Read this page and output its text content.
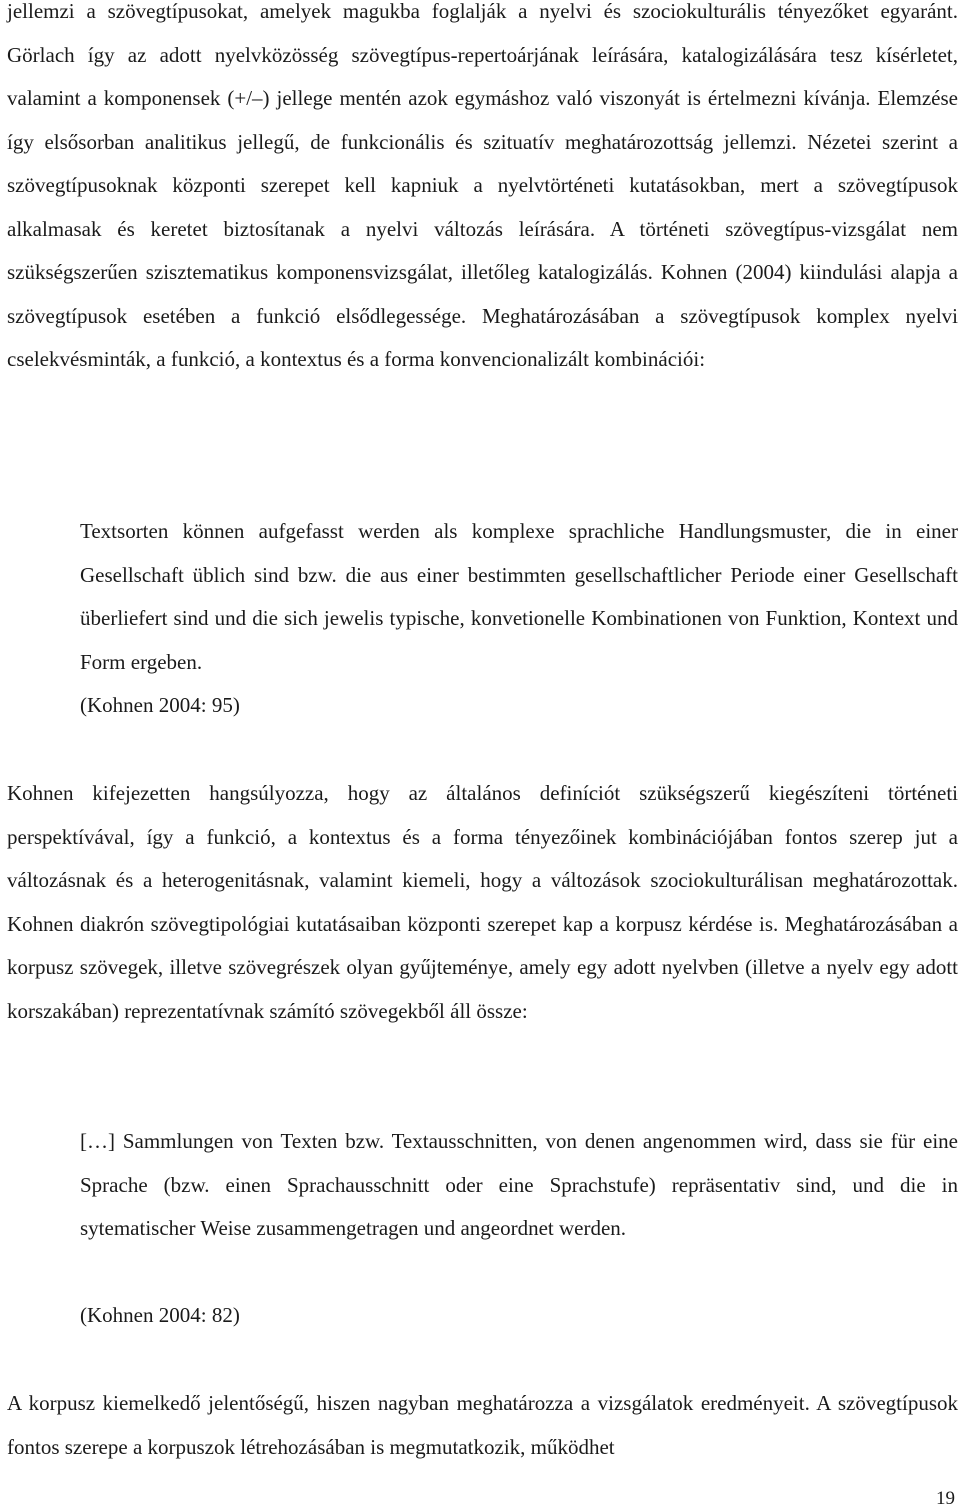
jellemzi a szövegtípusokat, amelyek magukba foglalják a nyelvi és szociokulturális tényezőket egyaránt. Görlach így az adott nyelvközösség szövegtípus-repertoárjának leírására, katalogizálására tesz kísérletet, valamint a komponensek (+/–) jellege mentén azok egymáshoz való viszonyát is értelmezni kívánja. Elemzése így elsősorban analitikus jellegű, de funkcionális és szituatív meghatározottság jellemzi. Nézetei szerint a szövegtípusoknak központi szerepet kell kapniuk a nyelvtörténeti kutatásokban, mert a szövegtípusok alkalmasak és keretet biztosítanak a nyelvi változás leírására. A történeti szövegtípus-vizsgálat nem szükségszerűen szisztematikus komponensvizsgálat, illetőleg katalogizálás. Kohnen (2004) kiindulási alapja a szövegtípusok esetében a funkció elsődlegessége. Meghatározásában a szövegtípusok komplex nyelvi cselekvésminták, a funkció, a kontextus és a forma konvencionalizált kombinációi:

Textsorten können aufgefasst werden als komplexe sprachliche Handlungsmuster, die in einer Gesellschaft üblich sind bzw. die aus einer bestimmten gesellschaftlicher Periode einer Gesellschaft überliefert sind und die sich jewelis typische, konvetionelle Kombinationen von Funktion, Kontext und Form ergeben.

(Kohnen 2004: 95)

Kohnen kifejezetten hangsúlyozza, hogy az általános definíciót szükségszerű kiegészíteni történeti perspektívával, így a funkció, a kontextus és a forma tényezőinek kombinációjában fontos szerep jut a változásnak és a heterogenitásnak, valamint kiemeli, hogy a változások szociokulturálisan meghatározottak. Kohnen diakrón szövegtipológiai kutatásaiban központi szerepet kap a korpusz kérdése is. Meghatározásában a korpusz szövegek, illetve szövegrészek olyan gyűjteménye, amely egy adott nyelvben (illetve a nyelv egy adott korszakában) reprezentatívnak számító szövegekből áll össze:

[…] Sammlungen von Texten bzw. Textausschnitten, von denen angenommen wird, dass sie für eine Sprache (bzw. einen Sprachausschnitt oder eine Sprachstufe) repräsentativ sind, und die in sytematischer Weise zusammengetragen und angeordnet werden.

(Kohnen 2004: 82)

A korpusz kiemelkedő jelentőségű, hiszen nagyban meghatározza a vizsgálatok eredményeit. A szövegtípusok fontos szerepe a korpuszok létrehozásában is megmutatkozik, működhet

19
